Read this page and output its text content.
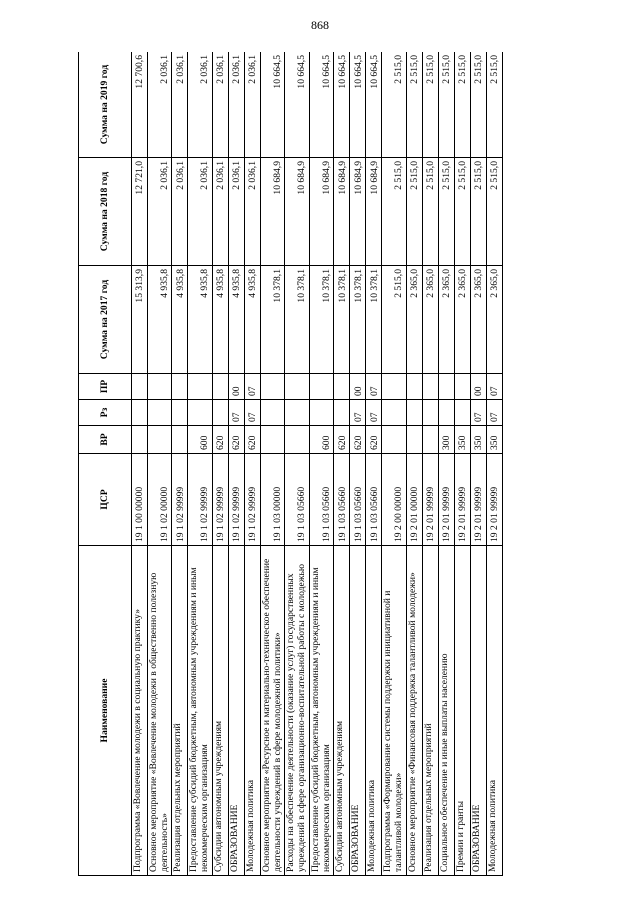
868
Наименование	ЦСР	ВР	Рз	ПР	Сумма на 2017 год	Сумма на 2018 год	Сумма на 2019 год
Подпрограмма «Вовлечение молодежи в социальную практику»	19 1 00 00000				15 313,9	12 721,0	12 700,6
Основное мероприятие «Вовлечение молодежи в общественно полезную деятельность»	19 1 02 00000				4 935,8	2 036,1	2 036,1
Реализация отдельных мероприятий	19 1 02 99999				4 935,8	2 036,1	2 036,1
Предоставление субсидий бюджетным, автономным учреждениям и иным некоммерческим организациям	19 1 02 99999	600			4 935,8	2 036,1	2 036,1
Субсидии автономным учреждениям	19 1 02 99999	620			4 935,8	2 036,1	2 036,1
ОБРАЗОВАНИЕ	19 1 02 99999	620	07	00	4 935,8	2 036,1	2 036,1
Молодежная политика	19 1 02 99999	620	07	07	4 935,8	2 036,1	2 036,1
Основное мероприятие «Ресурсное и материально-техническое обеспечение деятельности учреждений в сфере молодежной политики»	19 1 03 00000				10 378,1	10 684,9	10 664,5
Расходы на обеспечение деятельности (оказание услуг) государственных учреждений в сфере организационно-воспитательной работы с молодежью	19 1 03 05660				10 378,1	10 684,9	10 664,5
Предоставление субсидий бюджетным, автономным учреждениям и иным некоммерческим организациям	19 1 03 05660	600			10 378,1	10 684,9	10 664,5
Субсидии автономным учреждениям	19 1 03 05660	620			10 378,1	10 684,9	10 664,5
ОБРАЗОВАНИЕ	19 1 03 05660	620	07	00	10 378,1	10 684,9	10 664,5
Молодежная политика	19 1 03 05660	620	07	07	10 378,1	10 684,9	10 664,5
Подпрограмма «Формирование системы поддержки инициативной и талантливой молодежи»	19 2 00 00000				2 515,0	2 515,0	2 515,0
Основное мероприятие «Финансовая поддержка талантливой молодежи»	19 2 01 00000				2 365,0	2 515,0	2 515,0
Реализация отдельных мероприятий	19 2 01 99999				2 365,0	2 515,0	2 515,0
Социальное обеспечение и иные выплаты населению	19 2 01 99999	300			2 365,0	2 515,0	2 515,0
Премии и гранты	19 2 01 99999	350			2 365,0	2 515,0	2 515,0
ОБРАЗОВАНИЕ	19 2 01 99999	350	07	00	2 365,0	2 515,0	2 515,0
Молодежная политика	19 2 01 99999	350	07	07	2 365,0	2 515,0	2 515,0
